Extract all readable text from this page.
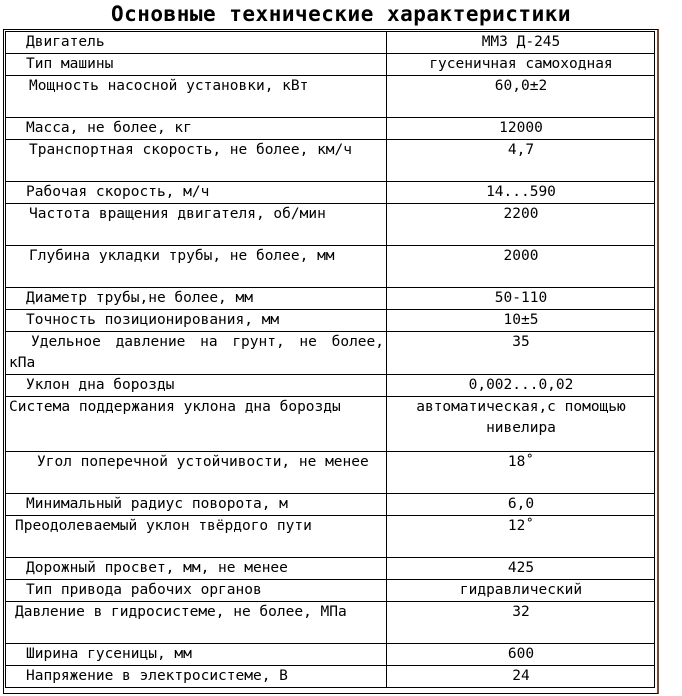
Основные технические характеристики
Двигатель	ММЗ Д-245
Тип машины	гусеничная самоходная
Мощность насосной установки, кВт	60,0±2
Масса, не более, кг	12000
Транспортная скорость, не более, км/ч	4,7
Рабочая скорость, м/ч	14...590
Частота вращения двигателя, об/мин	2200
Глубина укладки трубы, не более, мм	2000
Диаметр трубы,не более, мм	50-110
Точность позиционирования, мм	10±5
Удельное давление на грунт, не более, кПа	35
Уклон дна борозды	0,002...0,02
Система поддержания уклона дна борозды	автоматическая,с помощью нивелира
Угол поперечной устойчивости, не менее	18˚
Минимальный радиус поворота, м	6,0
Преодолеваемый уклон твёрдого пути	12˚
Дорожный просвет, мм, не менее	425
Тип привода рабочих органов	гидравлический
Давление в гидросистеме, не более, МПа	32
Ширина гусеницы, мм	600
Напряжение в электросистеме, В	24
